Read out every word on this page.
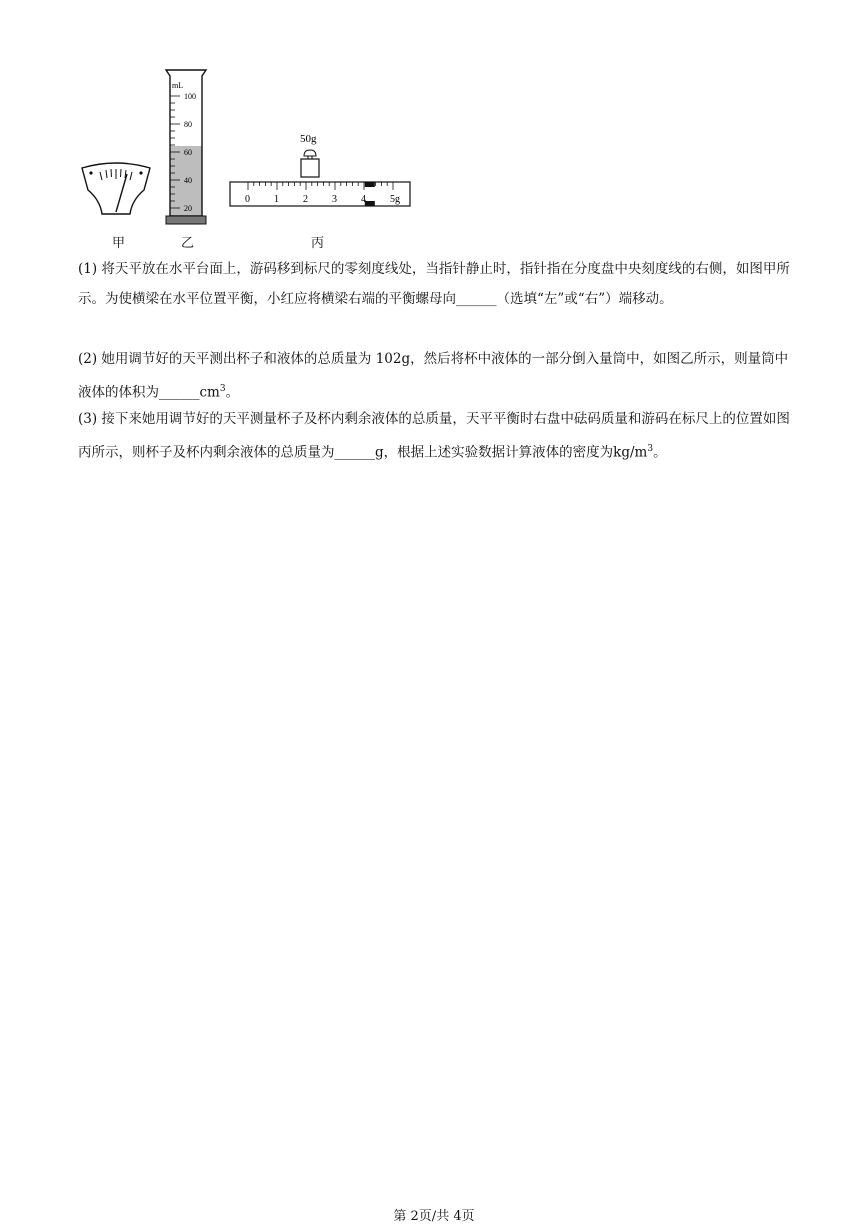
甲
mL
100
80
60
40
20
乙
50g
0 1 2 3 4 5g
丙

(1) 将天平放在水平台面上，游码移到标尺的零刻度线处，当指针静止时，指针指在分度盘中央刻度线的右侧，如图甲所示。为使横梁在水平位置平衡，小红应将横梁右端的平衡螺母向______（选填“左”或“右”）端移动。

(2) 她用调节好的天平测出杯子和液体的总质量为 102g，然后将杯中液体的一部分倒入量筒中，如图乙所示，则量筒中液体的体积为$\_\_\_\_\_\_cm^3$。

(3) 接下来她用调节好的天平测量杯子及杯内剩余液体的总质量，天平平衡时右盘中砝码质量和游码在标尺上的位置如图丙所示，则杯子及杯内剩余液体的总质量为______g，根据上述实验数据计算液体的密度为$kg/m^3$。

第 2页/共 4页
